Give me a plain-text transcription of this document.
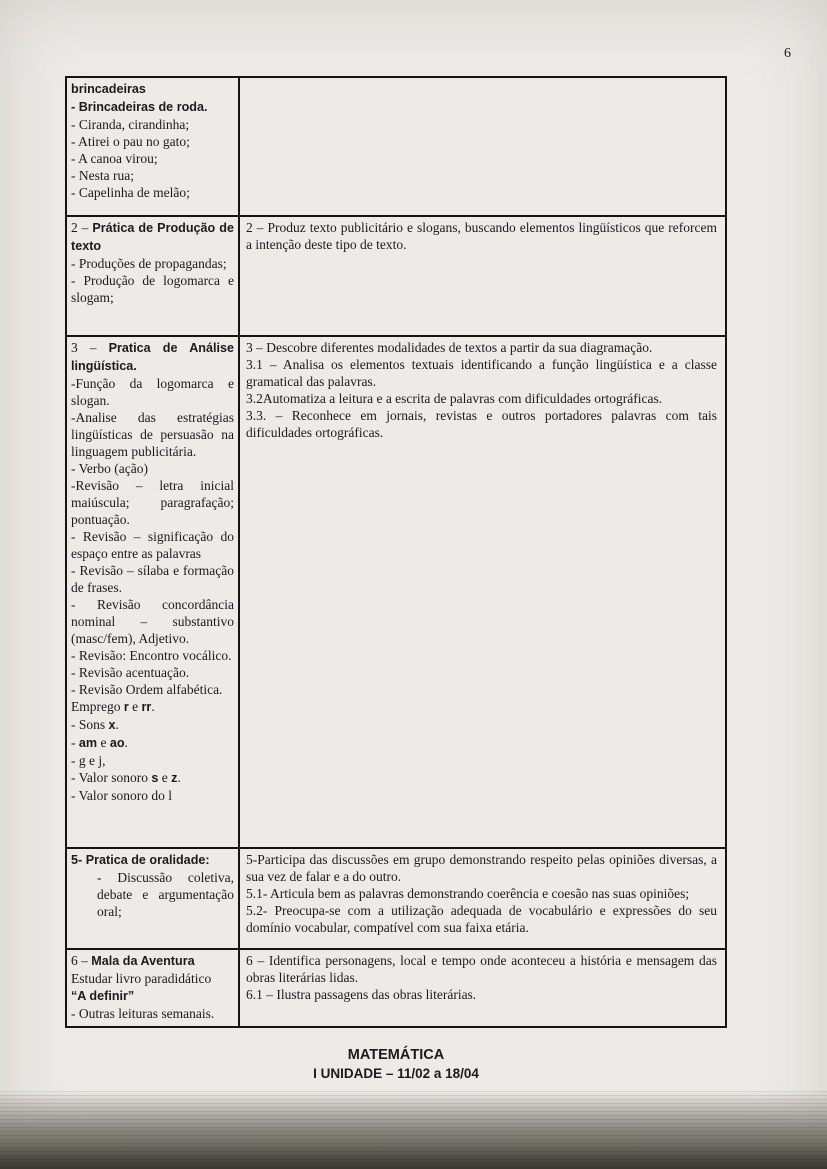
6
brincadeiras
- Brincadeiras de roda.
- Ciranda, cirandinha;
- Atirei o pau no gato;
- A canoa virou;
- Nesta rua;
- Capelinha de melão;
2 – Prática de Produção de texto
- Produções de propagandas;
- Produção de logomarca e slogam;
2 – Produz texto publicitário e slogans, buscando elementos lingüísticos que reforcem a intenção deste tipo de texto.
3 – Pratica de Análise lingüística.
-Função da logomarca e slogan.
-Analise das estratégias lingüísticas de persuasão na linguagem publicitária.
- Verbo (ação)
-Revisão – letra inicial maiúscula; paragrafação; pontuação.
- Revisão – significação do espaço entre as palavras
- Revisão – sílaba e formação de frases.
- Revisão concordância nominal – substantivo (masc/fem), Adjetivo.
- Revisão: Encontro vocálico.
- Revisão acentuação.
- Revisão Ordem alfabética.
Emprego r e rr.
- Sons x.
- am e ao.
- g e j,
- Valor sonoro s e z.
- Valor sonoro do l
3 – Descobre diferentes modalidades de textos a partir da sua diagramação.
3.1 – Analisa os elementos textuais identificando a função lingüística e a classe gramatical das palavras.
3.2Automatiza a leitura e a escrita de palavras com dificuldades ortográficas.
3.3. – Reconhece em jornais, revistas e outros portadores palavras com tais dificuldades ortográficas.
5- Pratica de oralidade:
- Discussão coletiva, debate e argumentação oral;
5-Participa das discussões em grupo demonstrando respeito pelas opiniões diversas, a sua vez de falar e a do outro.
5.1- Articula bem as palavras demonstrando coerência e coesão nas suas opiniões;
5.2- Preocupa-se com a utilização adequada de vocabulário e expressões do seu domínio vocabular, compatível com sua faixa etária.
6 – Mala da Aventura
Estudar livro paradidático
“A definir”
- Outras leituras semanais.
6 – Identifica personagens, local e tempo onde aconteceu a história e mensagem das obras literárias lidas.
6.1 – Ilustra passagens das obras literárias.
MATEMÁTICA
I UNIDADE – 11/02 a 18/04
